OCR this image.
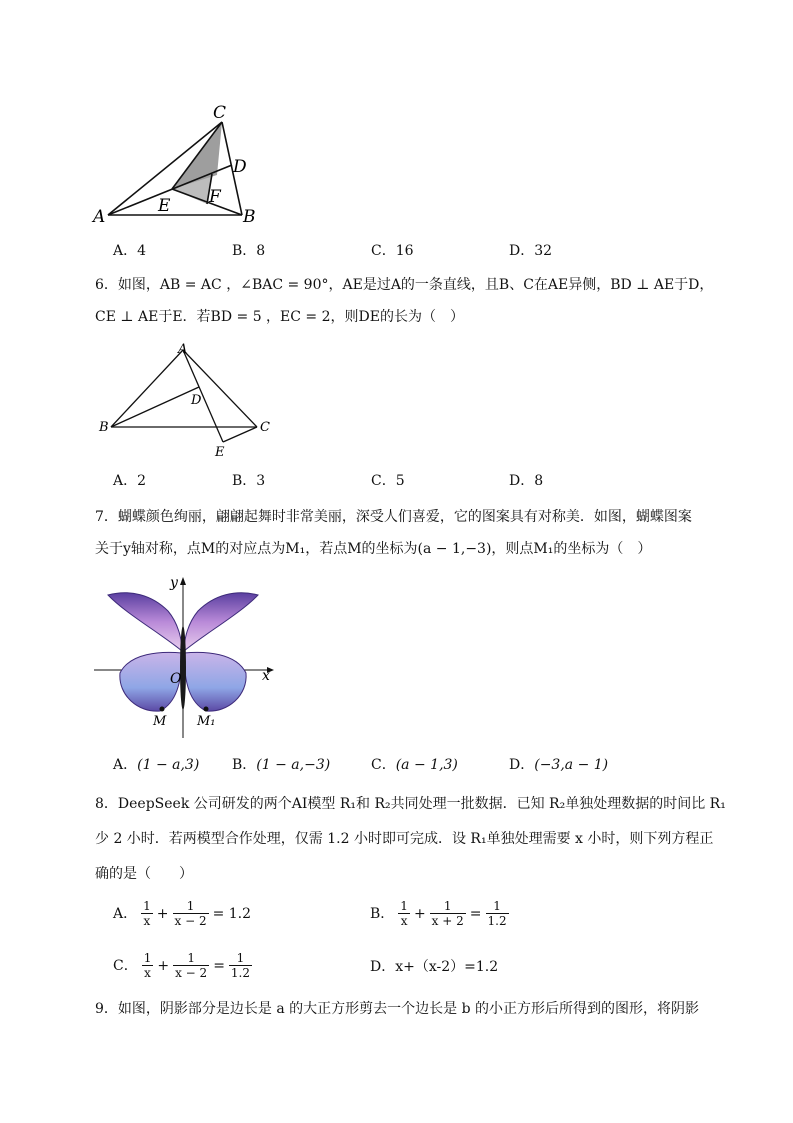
C
D
F
E
A	B
A．4	B．8	C．16	D．32
6．如图，AB = AC ，∠BAC = 90°，AE是过A的一条直线，且B、C在AE异侧，BD ⊥ AE于D，
CE ⊥ AE于E．若BD = 5 ，EC = 2，则DE的长为（　）
A
D
B	C
E
A．2	B．3	C．5	D．8
7．蝴蝶颜色绚丽，翩翩起舞时非常美丽，深受人们喜爱，它的图案具有对称美．如图，蝴蝶图案
关于y轴对称，点M的对应点为M₁，若点M的坐标为(a − 1,−3)，则点M₁的坐标为（　）
y
x
O
M M₁
A．(1 − a,3) B．(1 − a,−3)	C．(a − 1,3)	D．(−3,a − 1)
8．DeepSeek 公司研发的两个AI模型 R₁和 R₂共同处理一批数据．已知 R₂单独处理数据的时间比 R₁
少 2 小时．若两模型合作处理，仅需 1.2 小时即可完成．设 R₁单独处理需要 x 小时，则下列方程正
确的是（　　）
A． $\frac{1}{x} + \frac{1}{x - 2} = 1.2$	B． $\frac{1}{x} + \frac{1}{x + 2} = \frac{1}{1.2}$
C． $\frac{1}{x} + \frac{1}{x - 2} = \frac{1}{1.2}$	D．x+（x-2）=1.2
9．如图，阴影部分是边长是 a 的大正方形剪去一个边长是 b 的小正方形后所得到的图形，将阴影
